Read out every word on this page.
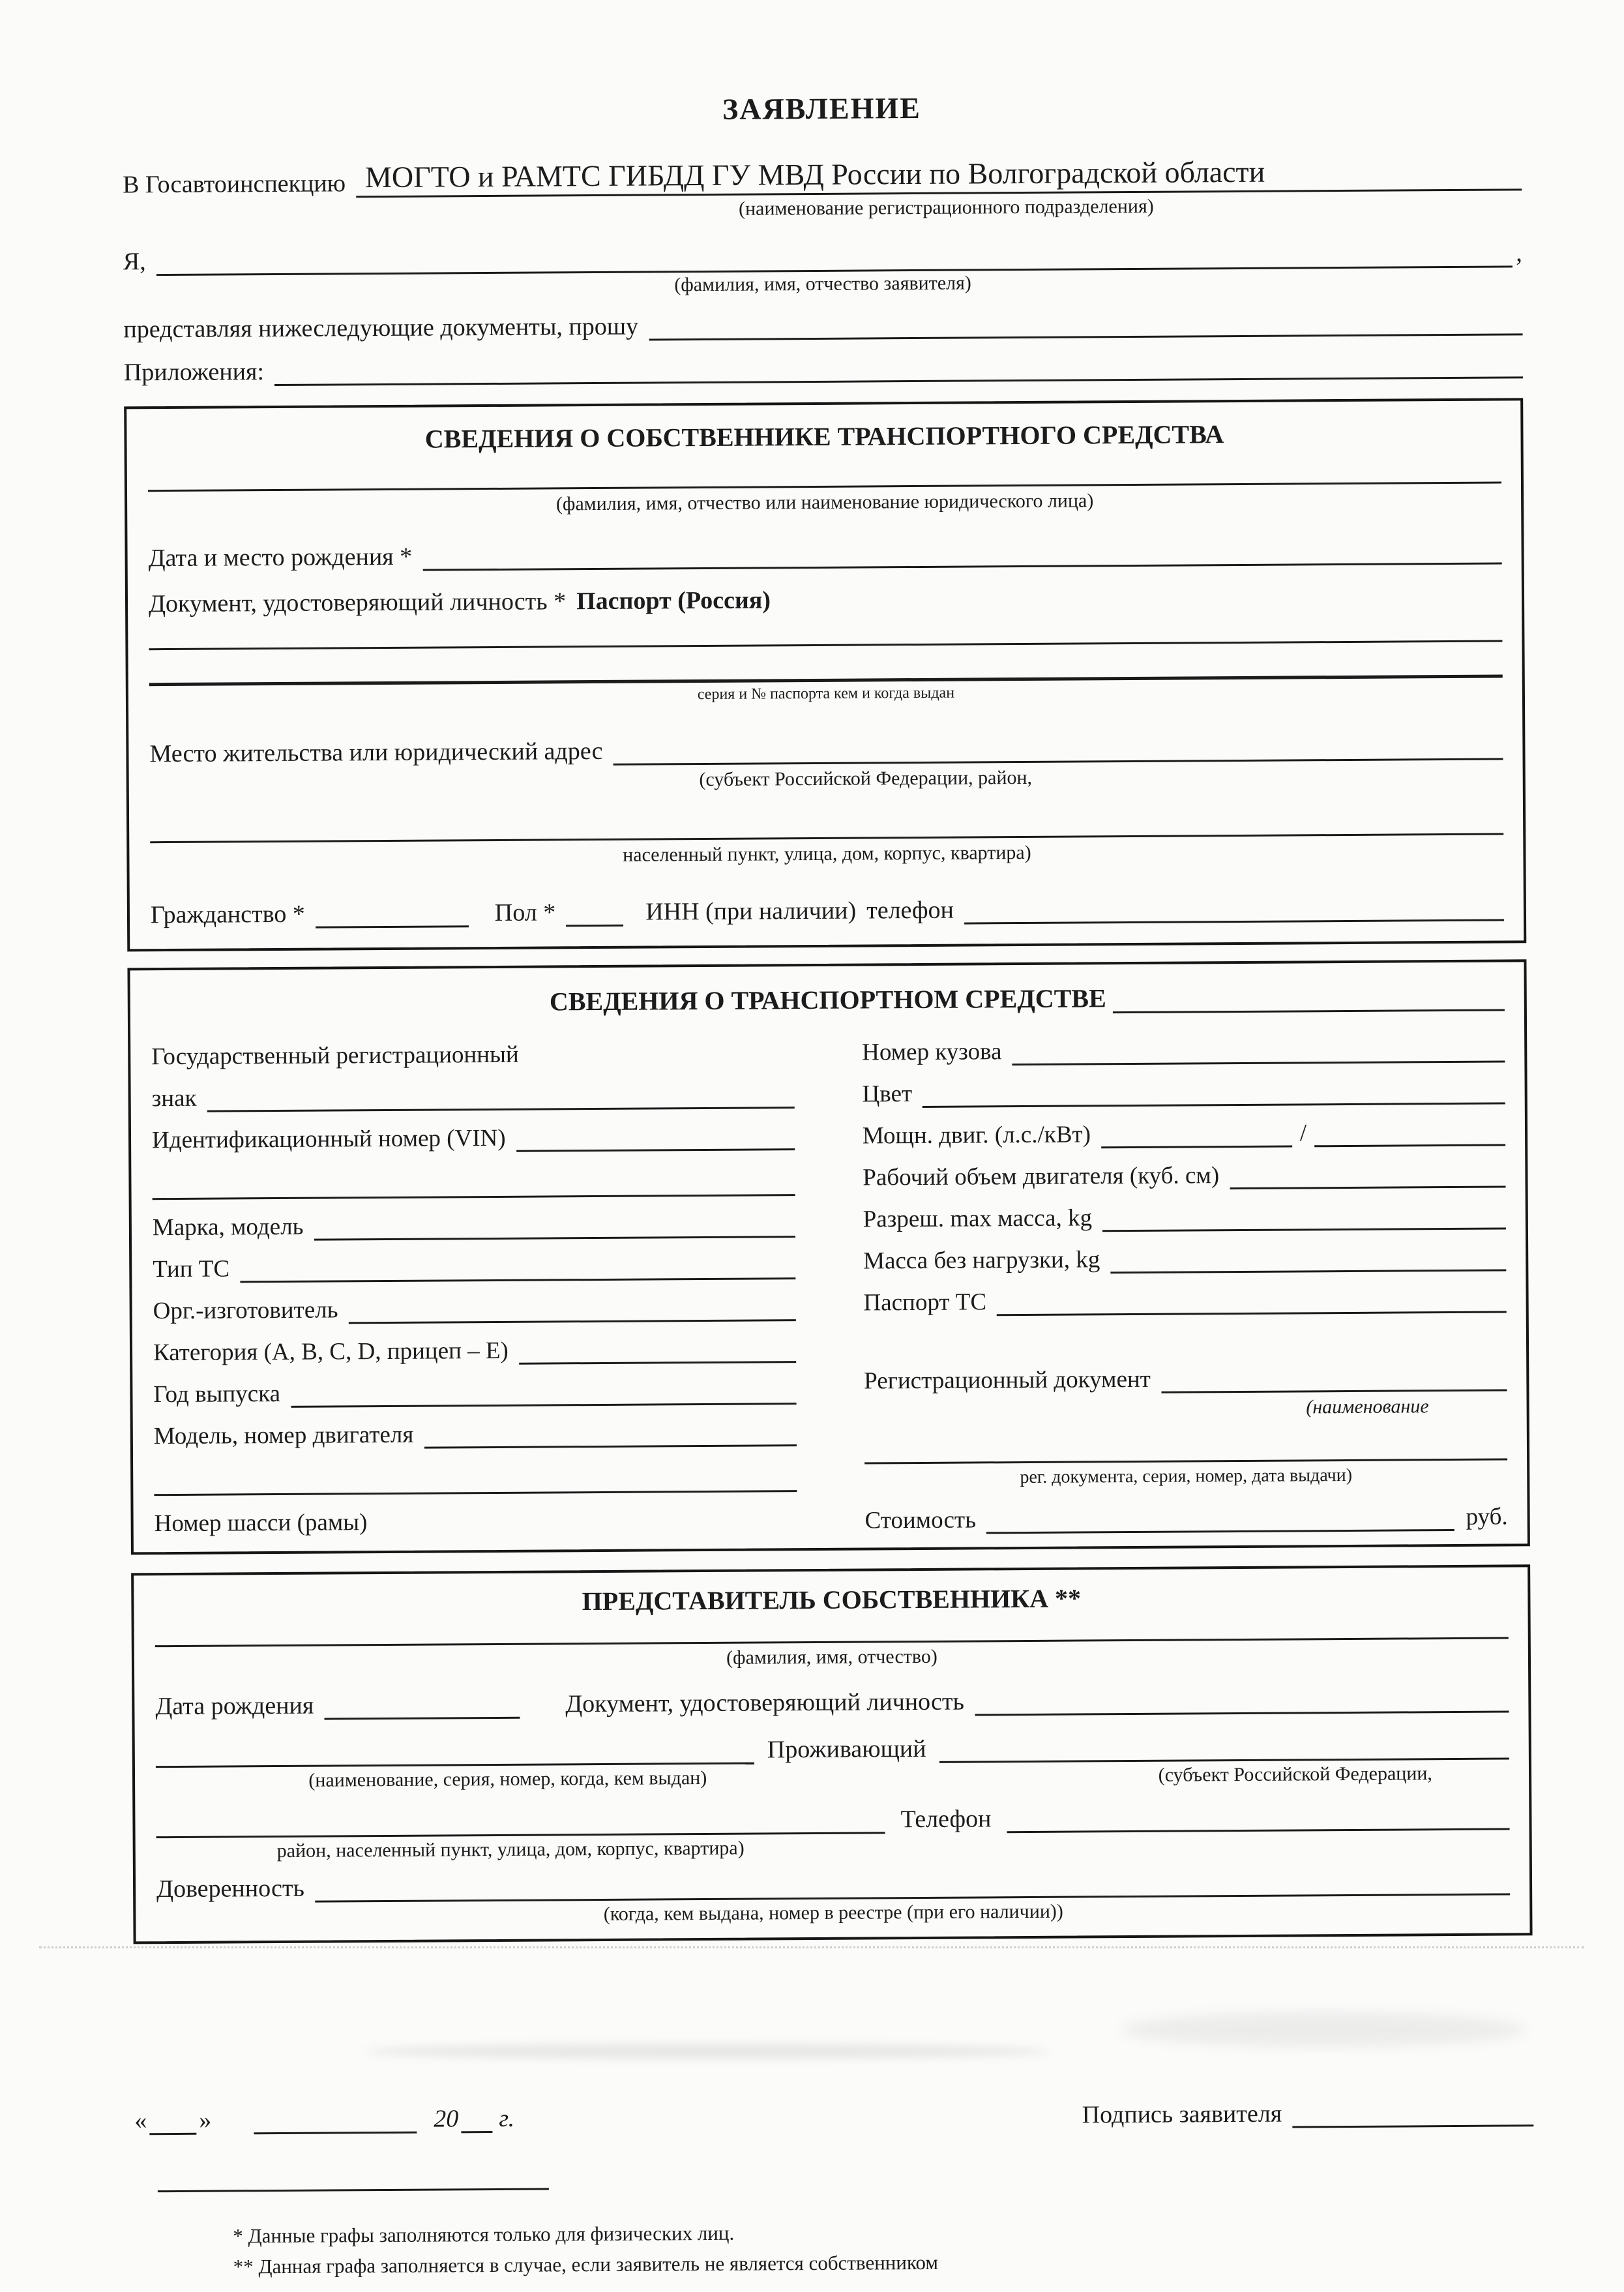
ЗАЯВЛЕНИЕ
В Госавтоинспекцию МОГТО и РАМТС ГИБДД ГУ МВД России по Волгоградской области
(наименование регистрационного подразделения)
Я,	,
(фамилия, имя, отчество заявителя)
представляя нижеследующие документы, прошу
Приложения:
СВЕДЕНИЯ О СОБСТВЕННИКЕ ТРАНСПОРТНОГО СРЕДСТВА
(фамилия, имя, отчество или наименование юридического лица)
Дата и место рождения *
Документ, удостоверяющий личность * Паспорт (Россия)
серия и № паспорта кем и когда выдан
Место жительства или юридический адрес
(субъект Российской Федерации, район,
населенный пункт, улица, дом, корпус, квартира)
Гражданство *	Пол *	ИНН (при наличии) телефон
СВЕДЕНИЯ О ТРАНСПОРТНОМ СРЕДСТВЕ
Государственный регистрационный
знак
Идентификационный номер (VIN)
Марка, модель
Тип ТС
Орг.-изготовитель
Категория (А, В, С, D, прицеп – Е)
Год выпуска
Модель, номер двигателя
Номер шасси (рамы)
Номер кузова
Цвет
Мощн. двиг. (л.с./кВт)	/
Рабочий объем двигателя (куб. см)
Разреш. max масса, kg
Масса без нагрузки, kg
Паспорт ТС
Регистрационный документ
(наименование
рег. документа, серия, номер, дата выдачи)
Стоимость	руб.
ПРЕДСТАВИТЕЛЬ СОБСТВЕННИКА **
(фамилия, имя, отчество)
Дата рождения	Документ, удостоверяющий личность
Проживающий
(наименование, серия, номер, когда, кем выдан)	(субъект Российской Федерации,
Телефон
район, населенный пункт, улица, дом, корпус, квартира)
Доверенность
(когда, кем выдана, номер в реестре (при его наличии))
« »	20 г.	Подпись заявителя
* Данные графы заполняются только для физических лиц.
** Данная графа заполняется в случае, если заявитель не является собственником
